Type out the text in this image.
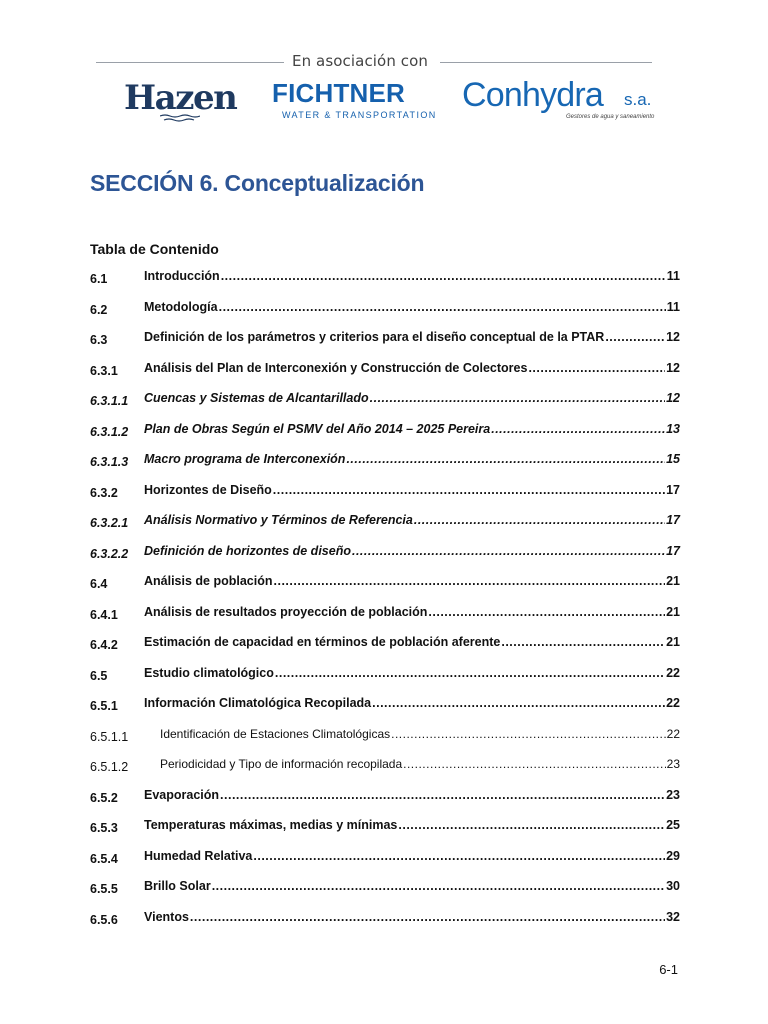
En asociación con
Hazen FICHTNER
WATER & TRANSPORTATION
Conhydra s.a.
Gestores de agua y saneamiento
SECCIÓN 6. Conceptualización
Tabla de Contenido
6.1	Introducción .....	11
6.2	Metodología .....	11
6.3	Definición de los parámetros y criterios para el diseño conceptual de la PTAR .....	12
6.3.1 Análisis del Plan de Interconexión y Construcción de Colectores .....	12
6.3.1.1 Cuencas y Sistemas de Alcantarillado .....	12
6.3.1.2 Plan de Obras Según el PSMV del Año 2014 – 2025 Pereira .....	13
6.3.1.3 Macro programa de Interconexión .....	15
6.3.2 Horizontes de Diseño .....	17
6.3.2.1 Análisis Normativo y Términos de Referencia .....	17
6.3.2.2 Definición de horizontes de diseño .....	17
6.4	Análisis de población .....	21
6.4.1 Análisis de resultados proyección de población .....	21
6.4.2 Estimación de capacidad en términos de población aferente .....	21
6.5	Estudio climatológico .....	22
6.5.1 Información Climatológica Recopilada .....	22
6.5.1.1	Identificación de Estaciones Climatológicas .....	22
6.5.1.2	Periodicidad y Tipo de información recopilada .....	23
6.5.2 Evaporación .....	23
6.5.3 Temperaturas máximas, medias y mínimas .....	25
6.5.4 Humedad Relativa .....	29
6.5.5 Brillo Solar .....	30
6.5.6 Vientos .....	32
6-1
